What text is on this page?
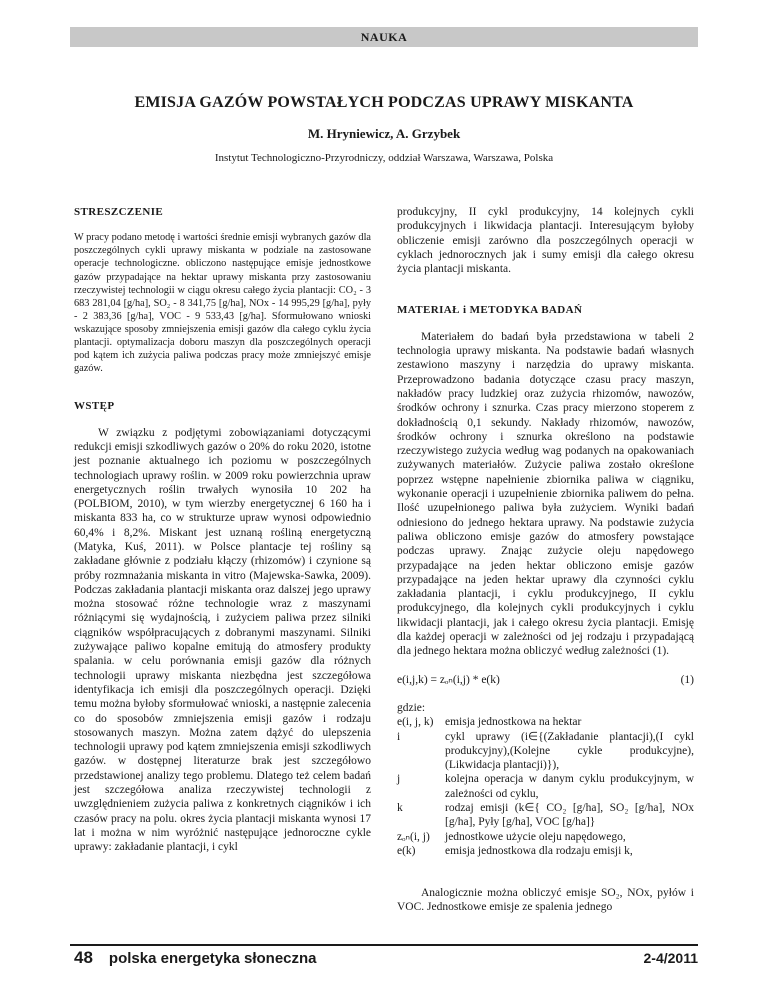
NAUKA
EMISJA GAZÓW POWSTAŁYCH PODCZAS UPRAWY MISKANTA
M. Hryniewicz, A. Grzybek
Instytut Technologiczno-Przyrodniczy, oddział Warszawa, Warszawa, Polska

STRESZCZENIE

W pracy podano metodę i wartości średnie emisji wybranych gazów dla poszczególnych cykli uprawy miskanta w podziale na zastosowane operacje technologiczne. obliczono następujące emisje jednostkowe gazów przypadające na hektar uprawy miskanta przy zastosowaniu rzeczywistej technologii w ciągu okresu całego życia plantacji: CO₂ - 3 683 281,04 [g/ha], SO₂ - 8 341,75 [g/ha], NOx - 14 995,29 [g/ha], pyły - 2 383,36 [g/ha], VOC - 9 533,43 [g/ha]. Sformułowano wnioski wskazujące sposoby zmniejszenia emisji gazów dla całego cyklu życia plantacji. optymalizacja doboru maszyn dla poszczególnych operacji pod kątem ich zużycia paliwa podczas pracy może zmniejszyć emisje gazów.

WSTĘP

W związku z podjętymi zobowiązaniami dotyczącymi redukcji emisji szkodliwych gazów o 20% do roku 2020, istotne jest poznanie aktualnego ich poziomu w poszczególnych technologiach uprawy roślin. w 2009 roku powierzchnia upraw energetycznych roślin trwałych wynosiła 10 202 ha (POLBIOM, 2010), w tym wierzby energetycznej 6 160 ha i miskanta 833 ha, co w strukturze upraw wynosi odpowiednio 60,4% i 8,2%. Miskant jest uznaną rośliną energetyczną (Matyka, Kuś, 2011). w Polsce plantacje tej rośliny są zakładane głównie z podziału kłączy (rhizomów) i czynione są próby rozmnażania miskanta in vitro (Majewska-Sawka, 2009). Podczas zakładania plantacji miskanta oraz dalszej jego uprawy można stosować różne technologie wraz z maszynami różniącymi się wydajnością, i zużyciem paliwa przez silniki ciągników współpracujących z dobranymi maszynami. Silniki zużywające paliwo kopalne emitują do atmosfery produkty spalania. w celu porównania emisji gazów dla różnych technologii uprawy miskanta niezbędna jest szczegółowa identyfikacja ich emisji dla poszczególnych operacji. Dzięki temu można byłoby sformułować wnioski, a następnie zalecenia co do sposobów zmniejszenia emisji gazów i rodzaju stosowanych maszyn. Można zatem dążyć do ulepszenia technologii uprawy pod kątem zmniejszenia emisji szkodliwych gazów. w dostępnej literaturze brak jest szczegółowo przedstawionej analizy tego problemu. Dlatego też celem badań jest szczegółowa analiza rzeczywistej technologii z uwzględnieniem zużycia paliwa z konkretnych ciągników i ich czasów pracy na polu. okres życia plantacji miskanta wynosi 17 lat i można w nim wyróżnić następujące jednoroczne cykle uprawy: zakładanie plantacji, i cykl

produkcyjny, II cykl produkcyjny, 14 kolejnych cykli produkcyjnych i likwidacja plantacji. Interesującym byłoby obliczenie emisji zarówno dla poszczególnych operacji w cyklach jednorocznych jak i sumy emisji dla całego okresu życia plantacji miskanta.

MATERIAŁ i METODYKA BADAŃ

Materiałem do badań była przedstawiona w tabeli 2 technologia uprawy miskanta. Na podstawie badań własnych zestawiono maszyny i narzędzia do uprawy miskanta. Przeprowadzono badania dotyczące czasu pracy maszyn, nakładów pracy ludzkiej oraz zużycia rhizomów, nawozów, środków ochrony i sznurka. Czas pracy mierzono stoperem z dokładnością 0,1 sekundy. Nakłady rhizomów, nawozów, środków ochrony i sznurka określono na podstawie rzeczywistego zużycia według wag podanych na opakowaniach zużywanych materiałów. Zużycie paliwa zostało określone poprzez wstępne napełnienie zbiornika paliwa w ciągniku, wykonanie operacji i uzupełnienie zbiornika paliwem do pełna. Ilość uzupełnionego paliwa była zużyciem. Wyniki badań odniesiono do jednego hektara uprawy. Na podstawie zużycia paliwa obliczono emisje gazów do atmosfery powstające podczas uprawy. Znając zużycie oleju napędowego przypadające na jeden hektar obliczono emisje gazów przypadające na jeden hektar uprawy dla czynności cyklu zakładania plantacji, i cyklu produkcyjnego, II cyklu produkcyjnego, dla kolejnych cykli produkcyjnych i cyklu likwidacji plantacji, jak i całego okresu życia plantacji. Emisję dla każdej operacji w zależności od jej rodzaju i przypadającą dla jednego hektara można obliczyć według zależności (1).

e(i,j,k) = zₒₙ(i,j) * e(k)	(1)

gdzie:

e(i, j, k)	emisja jednostkowa na hektar
i	cykl uprawy (i∈{(Zakładanie plantacji),(I cykl produkcyjny),(Kolejne cykle produkcyjne),(Likwidacja plantacji)}),
j	kolejna operacja w danym cyklu produkcyjnym, w zależności od cyklu,
k	rodzaj emisji (k∈{ CO₂ [g/ha], SO₂ [g/ha], NOx [g/ha], Pyły [g/ha], VOC [g/ha]}
zₒₙ(i, j)	jednostkowe użycie oleju napędowego,
e(k)	emisja jednostkowa dla rodzaju emisji k,

Analogicznie można obliczyć emisje SO₂, NOx, pyłów i VOC. Jednostkowe emisje ze spalenia jednego

48 polska energetyka słoneczna	2-4/2011
